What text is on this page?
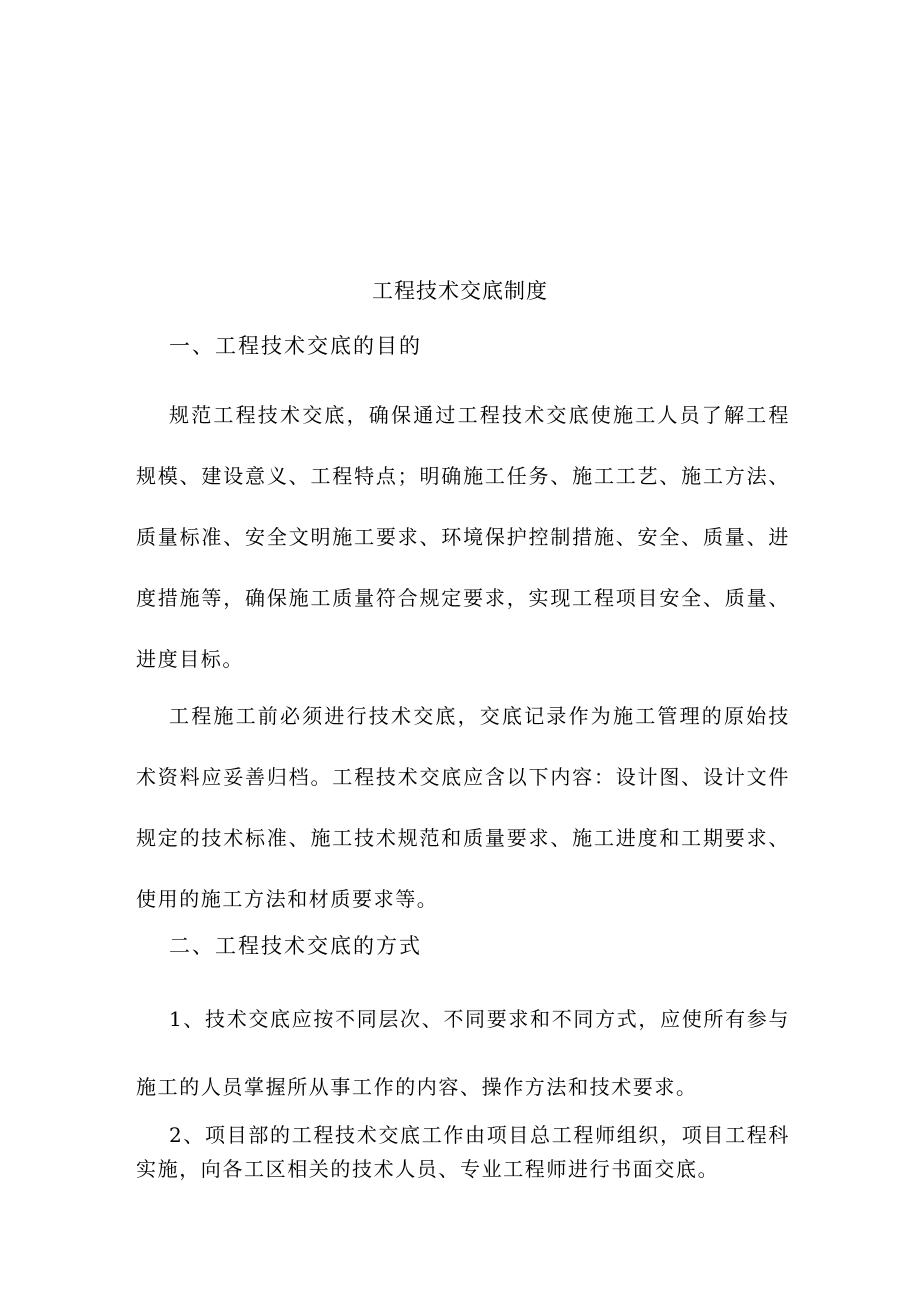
工程技术交底制度
一、工程技术交底的目的

规范工程技术交底，确保通过工程技术交底使施工人员了解工程规模、建设意义、工程特点；明确施工任务、施工工艺、施工方法、质量标准、安全文明施工要求、环境保护控制措施、安全、质量、进度措施等，确保施工质量符合规定要求，实现工程项目安全、质量、进度目标。

工程施工前必须进行技术交底，交底记录作为施工管理的原始技术资料应妥善归档。工程技术交底应含以下内容：设计图、设计文件规定的技术标准、施工技术规范和质量要求、施工进度和工期要求、使用的施工方法和材质要求等。

二、工程技术交底的方式

1、技术交底应按不同层次、不同要求和不同方式，应使所有参与施工的人员掌握所从事工作的内容、操作方法和技术要求。

2、项目部的工程技术交底工作由项目总工程师组织，项目工程科实施，向各工区相关的技术人员、专业工程师进行书面交底。
